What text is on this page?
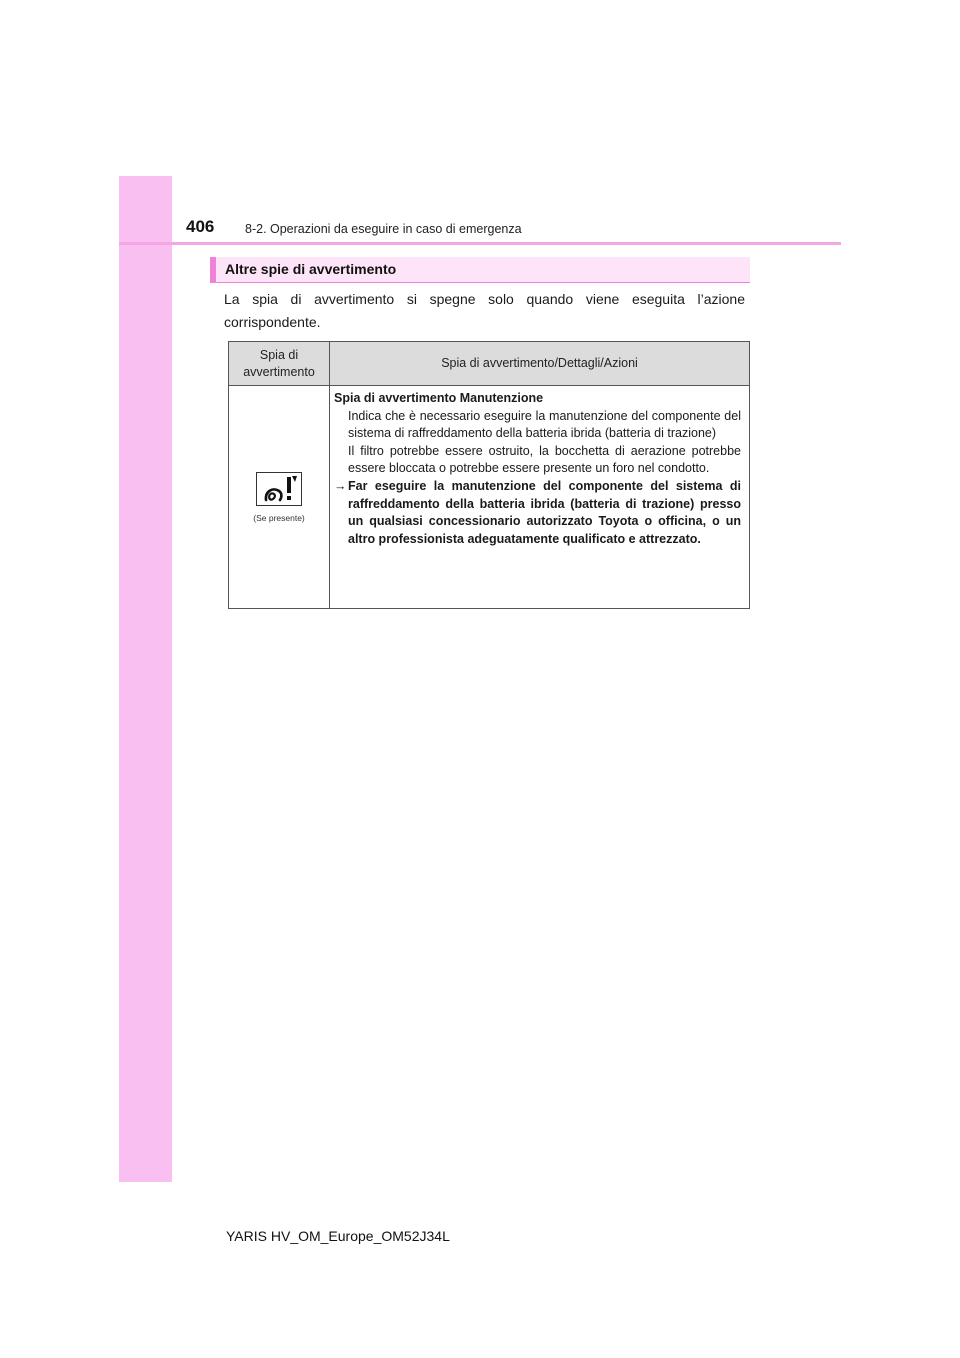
406 8-2. Operazioni da eseguire in caso di emergenza
Altre spie di avvertimento

La spia di avvertimento si spegne solo quando viene eseguita l’azione corrispondente.

Spia di avvertimento	Spia di avvertimento/Dettagli/Azioni

(Se presente)	Spia di avvertimento Manutenzione
Indica che è necessario eseguire la manutenzione del componente del sistema di raffreddamento della batteria ibrida (batteria di trazione)
Il filtro potrebbe essere ostruito, la bocchetta di aerazione potrebbe essere bloccata o potrebbe essere presente un foro nel condotto.
→ Far eseguire la manutenzione del componente del sistema di raffreddamento della batteria ibrida (batteria di trazione) presso un qualsiasi concessionario autorizzato Toyota o officina, o un altro professionista adeguatamente qualificato e attrezzato.
YARIS HV_OM_Europe_OM52J34L
